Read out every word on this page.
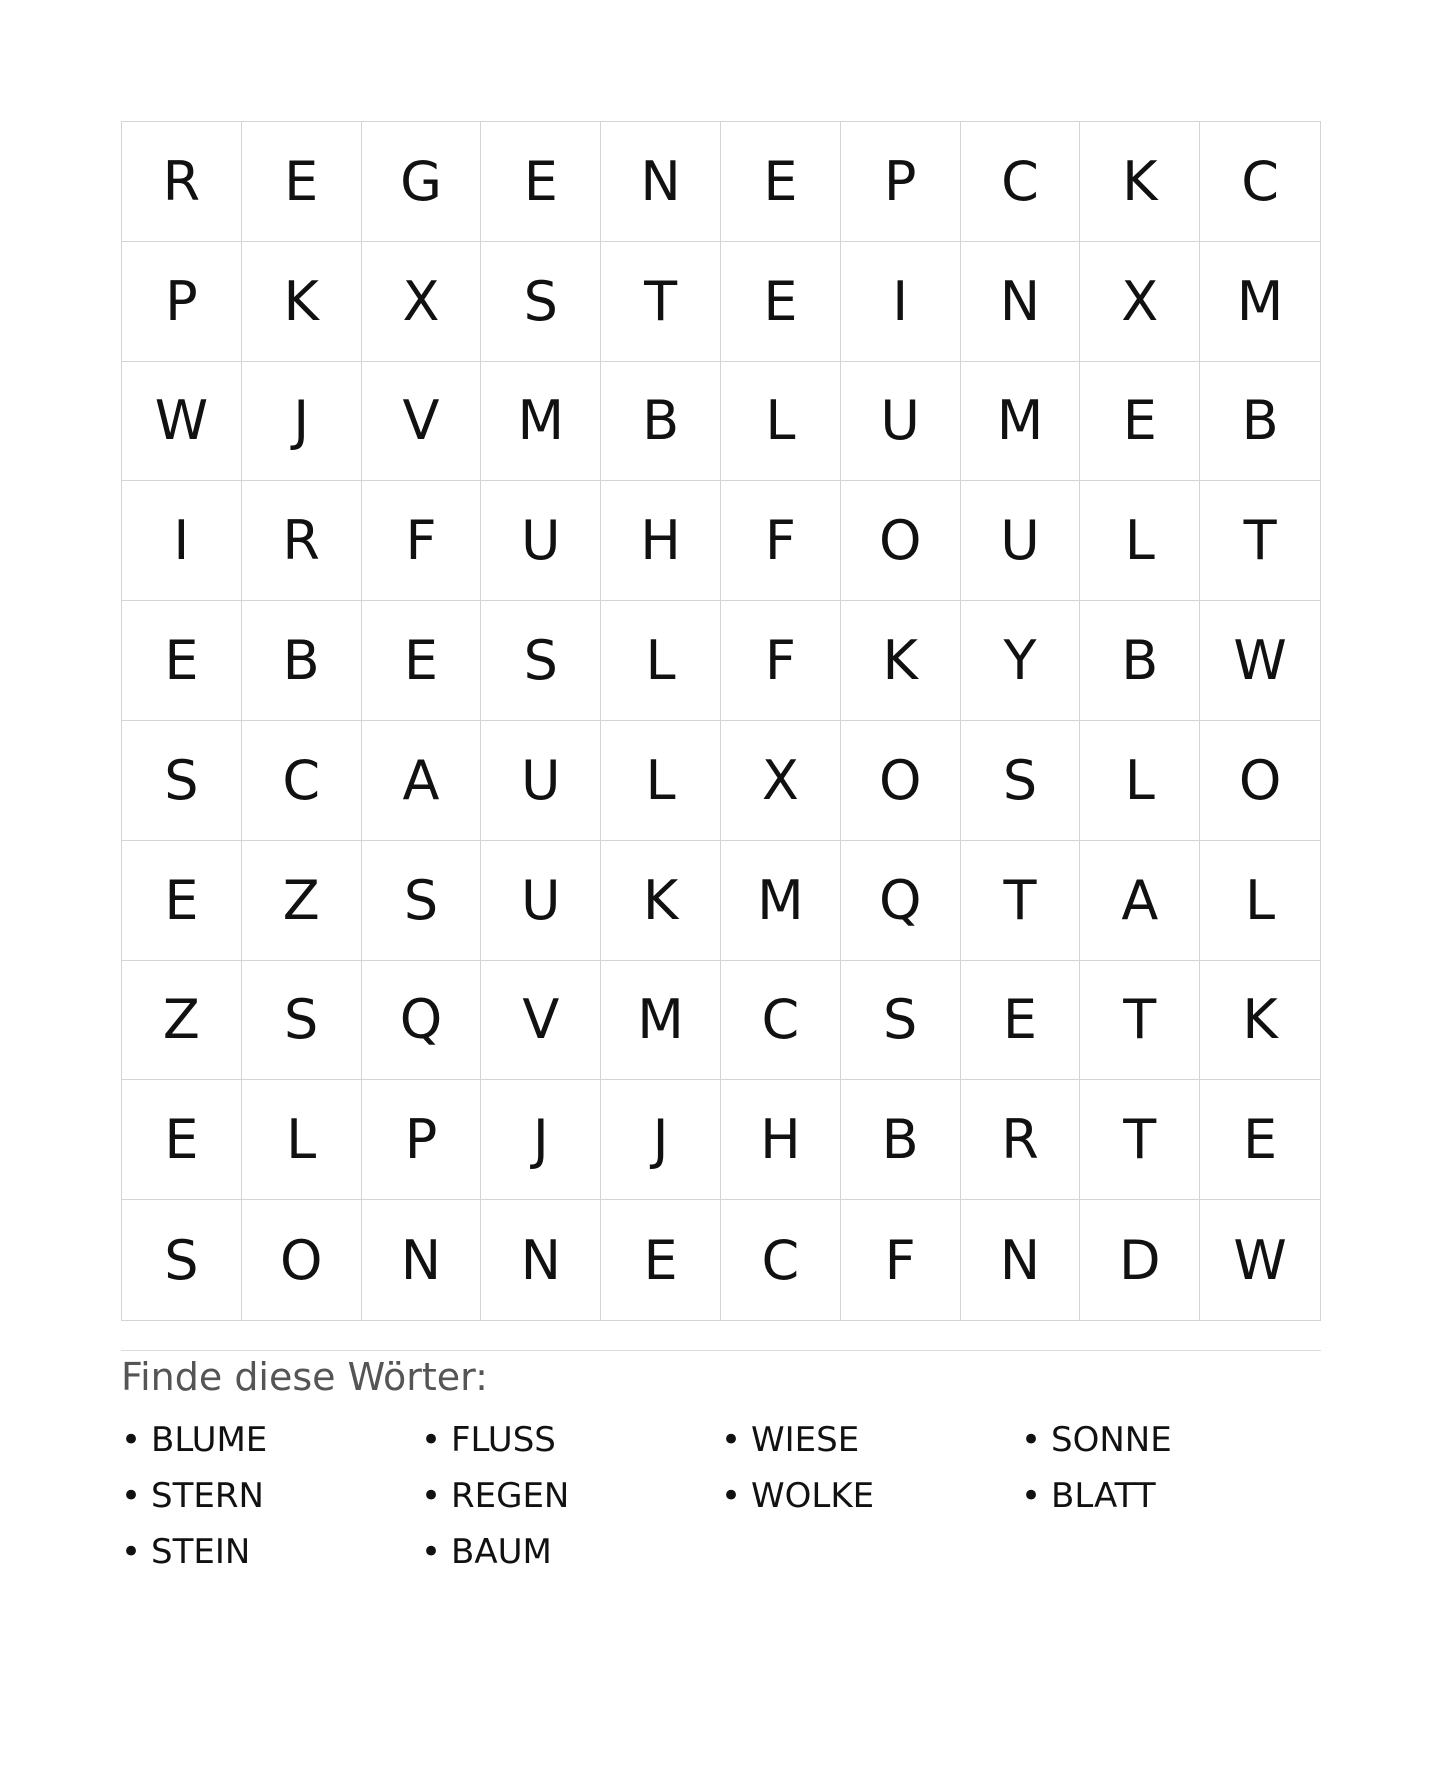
R	E	G	E	N	E	P	C	K	C
P	K	X	S	T	E	I	N	X	M
W	J	V	M	B	L	U	M	E	B
I	R	F	U	H	F	O	U	L	T
E	B	E	S	L	F	K	Y	B	W
S	C	A	U	L	X	O	S	L	O
E	Z	S	U	K	M	Q	T	A	L
Z	S	Q	V	M	C	S	E	T	K
E	L	P	J	J	H	B	R	T	E
S	O	N	N	E	C	F	N	D	W
Finde diese Wörter:
• BLUME	• FLUSS	• WIESE	• SONNE
• STERN	• REGEN	• WOLKE	• BLATT
• STEIN	• BAUM
